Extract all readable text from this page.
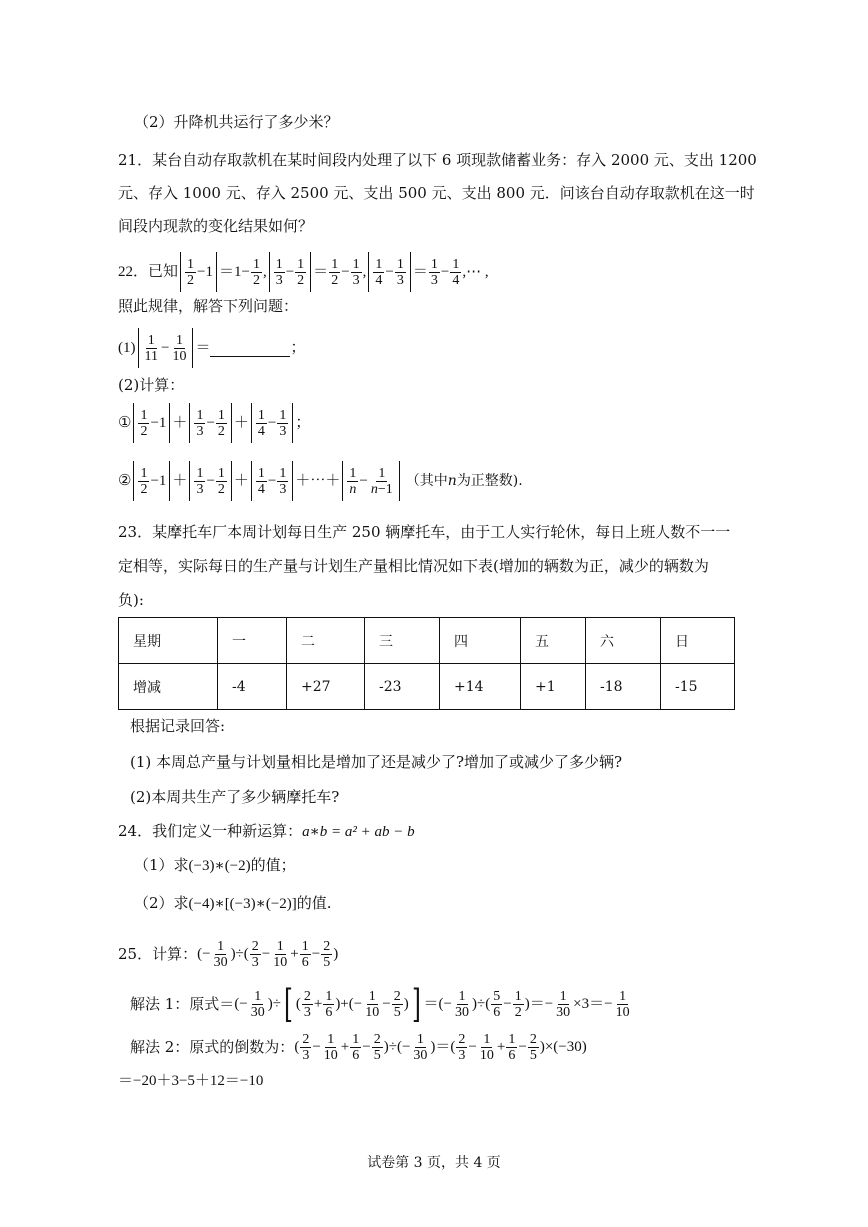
（2）升降机共运行了多少米？
21．某台自动存取款机在某时间段内处理了以下 6 项现款储蓄业务：存入 2000 元、支出 1200
元、存入 1000 元、存入 2500 元、支出 500 元、支出 800 元．问该台自动存取款机在这一时
间段内现款的变化结果如何？
22．已知 $\frac{1}{2} -1 =1- \frac{1}{2}$ , $\frac{1}{3} - \frac{1}{2} = \frac{1}{2} - \frac{1}{3}$ , $\frac{1}{4} - \frac{1}{3} = \frac{1}{3} - \frac{1}{4}$ ,⋯ ,
照此规律，解答下列问题：
$(1) \frac{1}{11} - \frac{1}{10}$ ＝	；
(2)计算：
① $\frac{1}{2} -1 + \frac{1}{3} - \frac{1}{2} + \frac{1}{4} - \frac{1}{3}$ ；
② $\frac{1}{2} -1 + \frac{1}{3} - \frac{1}{2} + \frac{1}{4} - \frac{1}{3}$ ＋⋯＋ $\frac{1}{n} - \frac{1}{n-1}$ （其中n为正整数).
23．某摩托车厂本周计划每日生产 250 辆摩托车，由于工人实行轮休，每日上班人数不一一
定相等，实际每日的生产量与计划生产量相比情况如下表(增加的辆数为正，减少的辆数为
负):
星期	一	二	三	四	五	六	日
增减	-4	+27	-23	+14	+1	-18	-15
根据记录回答:
(1) 本周总产量与计划量相比是增加了还是减少了?增加了或减少了多少辆?
(2)本周共生产了多少辆摩托车?
24．我们定义一种新运算：a∗b = a² + ab − b
（1）求(−3)∗(−2)的值；
（2）求(−4)∗[(−3)∗(−2)]的值.
25．计算： (− $\frac{1}{30}$ )÷( $\frac{2}{3} - \frac{1}{10} + \frac{1}{6} - \frac{2}{5}$ )
解法 1：原式＝ (− $\frac{1}{30}$ )÷ [ ( $\frac{2}{3} + \frac{1}{6}$ )+(− $\frac{1}{10} - \frac{2}{5}$ ) ] ＝(− $\frac{1}{30}$ )÷( $\frac{5}{6} - \frac{1}{2}$ )＝− $\frac{1}{30} \times 3=- \frac{1}{10}$
解法 2：原式的倒数为： ( $\frac{2}{3} - \frac{1}{10} + \frac{1}{6} - \frac{2}{5}$ )÷(− $\frac{1}{30}$ )＝( $\frac{2}{3} - \frac{1}{10} + \frac{1}{6} - \frac{2}{5} )\times(-30)$
＝−20＋3−5＋12＝−10
试卷第 3 页，共 4 页
